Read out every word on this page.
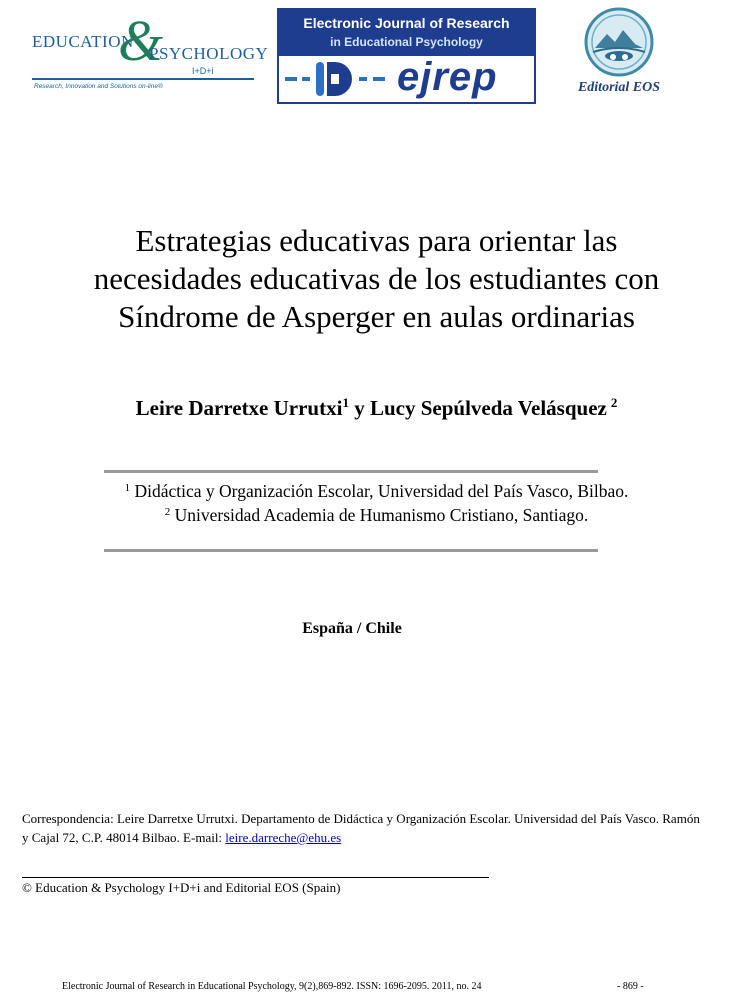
EDUCATION
&
PSYCHOLOGY
I+D+i
Research, Innovation and Solutions on-line®
Electronic Journal of Research
in Educational Psychology
ejrep	Editorial EOS
Estrategias educativas para orientar las
necesidades educativas de los estudiantes con
Síndrome de Asperger en aulas ordinarias
Leire Darretxe Urrutxi$^1$ y Lucy Sepúlveda Velásquez $^2$
$^1$ Didáctica y Organización Escolar, Universidad del País Vasco, Bilbao.
$^2$ Universidad Academia de Humanismo Cristiano, Santiago.
España / Chile
Correspondencia: Leire Darretxe Urrutxi. Departamento de Didáctica y Organización Escolar. Universidad del País Vasco. Ramón y Cajal 72, C.P. 48014 Bilbao. E-mail: leire.darreche@ehu.es
© Education & Psychology I+D+i and Editorial EOS (Spain)
Electronic Journal of Research in Educational Psychology, 9(2),869-892. ISSN: 1696-2095. 2011, no. 24	- 869 -
